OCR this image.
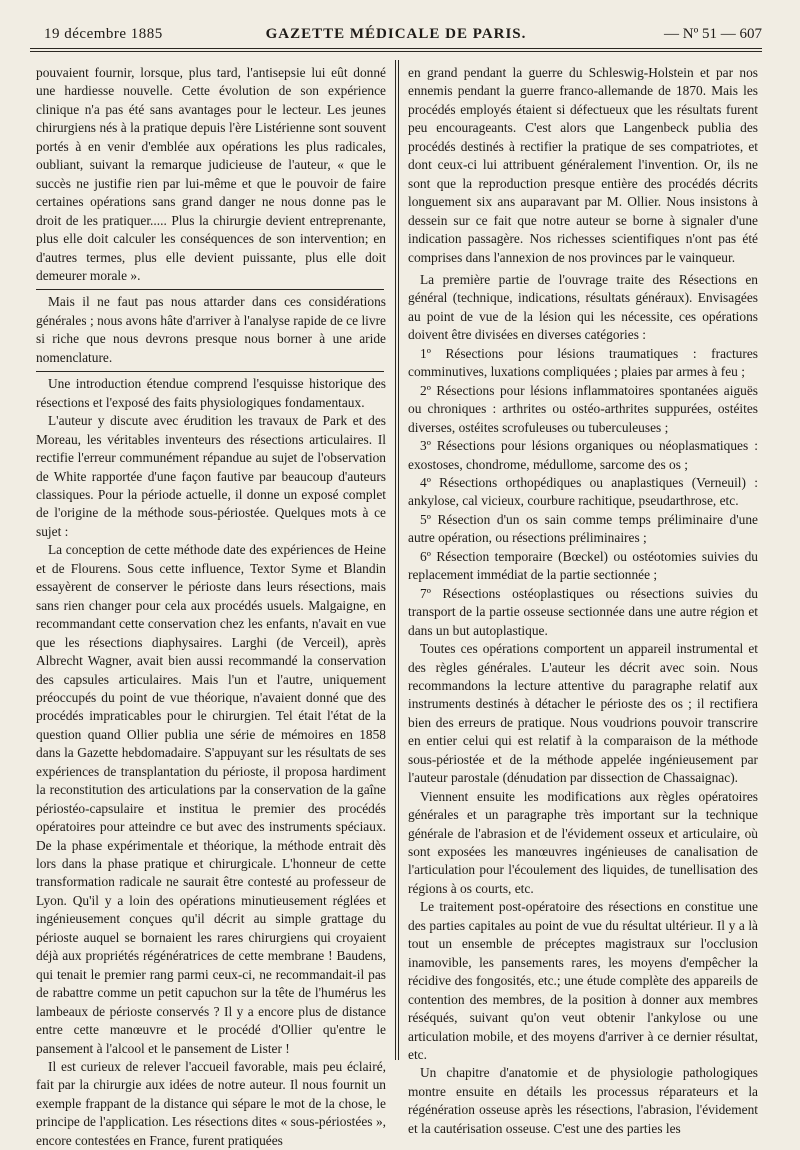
19 décembre 1885	GAZETTE MÉDICALE DE PARIS.	— Nº 51 — 607

pouvaient fournir, lorsque, plus tard, l'antisepsie lui eût donné une hardiesse nouvelle. Cette évolution de son expérience clinique n'a pas été sans avantages pour le lecteur. Les jeunes chirurgiens nés à la pratique depuis l'ère Listérienne sont souvent portés à en venir d'emblée aux opérations les plus radicales, oubliant, suivant la remarque judicieuse de l'auteur, « que le succès ne justifie rien par lui-même et que le pouvoir de faire certaines opérations sans grand danger ne nous donne pas le droit de les pratiquer..... Plus la chirurgie devient entreprenante, plus elle doit calculer les conséquences de son intervention; en d'autres termes, plus elle devient puissante, plus elle doit demeurer morale ».

Mais il ne faut pas nous attarder dans ces considérations générales ; nous avons hâte d'arriver à l'analyse rapide de ce livre si riche que nous devrons presque nous borner à une aride nomenclature.

Une introduction étendue comprend l'esquisse historique des résections et l'exposé des faits physiologiques fondamentaux.

L'auteur y discute avec érudition les travaux de Park et des Moreau, les véritables inventeurs des résections articulaires. Il rectifie l'erreur communément répandue au sujet de l'observation de White rapportée d'une façon fautive par beaucoup d'auteurs classiques. Pour la période actuelle, il donne un exposé complet de l'origine de la méthode sous-périostée. Quelques mots à ce sujet :

La conception de cette méthode date des expériences de Heine et de Flourens. Sous cette influence, Textor Syme et Blandin essayèrent de conserver le périoste dans leurs résections, mais sans rien changer pour cela aux procédés usuels. Malgaigne, en recommandant cette conservation chez les enfants, n'avait en vue que les résections diaphysaires. Larghi (de Verceil), après Albrecht Wagner, avait bien aussi recommandé la conservation des capsules articulaires. Mais l'un et l'autre, uniquement préoccupés du point de vue théorique, n'avaient donné que des procédés impraticables pour le chirurgien. Tel était l'état de la question quand Ollier publia une série de mémoires en 1858 dans la Gazette hebdomadaire. S'appuyant sur les résultats de ses expériences de transplantation du périoste, il proposa hardiment la reconstitution des articulations par la conservation de la gaîne périostéo-capsulaire et institua le premier des procédés opératoires pour atteindre ce but avec des instruments spéciaux. De la phase expérimentale et théorique, la méthode entrait dès lors dans la phase pratique et chirurgicale. L'honneur de cette transformation radicale ne saurait être contesté au professeur de Lyon. Qu'il y a loin des opérations minutieusement réglées et ingénieusement conçues qu'il décrit au simple grattage du périoste auquel se bornaient les rares chirurgiens qui croyaient déjà aux propriétés régénératrices de cette membrane ! Baudens, qui tenait le premier rang parmi ceux-ci, ne recommandait-il pas de rabattre comme un petit capuchon sur la tête de l'humérus les lambeaux de périoste conservés ? Il y a encore plus de distance entre cette manœuvre et le procédé d'Ollier qu'entre le pansement à l'alcool et le pansement de Lister !

Il est curieux de relever l'accueil favorable, mais peu éclairé, fait par la chirurgie aux idées de notre auteur. Il nous fournit un exemple frappant de la distance qui sépare le mot de la chose, le principe de l'application. Les résections dites « sous-périostées », encore contestées en France, furent pratiquées

en grand pendant la guerre du Schleswig-Holstein et par nos ennemis pendant la guerre franco-allemande de 1870. Mais les procédés employés étaient si défectueux que les résultats furent peu encourageants. C'est alors que Langenbeck publia des procédés destinés à rectifier la pratique de ses compatriotes, et dont ceux-ci lui attribuent généralement l'invention. Or, ils ne sont que la reproduction presque entière des procédés décrits longuement six ans auparavant par M. Ollier. Nous insistons à dessein sur ce fait que notre auteur se borne à signaler d'une indication passagère. Nos richesses scientifiques n'ont pas été comprises dans l'annexion de nos provinces par le vainqueur.

La première partie de l'ouvrage traite des Résections en général (technique, indications, résultats généraux). Envisagées au point de vue de la lésion qui les nécessite, ces opérations doivent être divisées en diverses catégories :

1º Résections pour lésions traumatiques : fractures comminutives, luxations compliquées ; plaies par armes à feu ;

2º Résections pour lésions inflammatoires spontanées aiguës ou chroniques : arthrites ou ostéo-arthrites suppurées, ostéites diverses, ostéites scrofuleuses ou tuberculeuses ;

3º Résections pour lésions organiques ou néoplasmatiques : exostoses, chondrome, médullome, sarcome des os ;

4º Résections orthopédiques ou anaplastiques (Verneuil) : ankylose, cal vicieux, courbure rachitique, pseudarthrose, etc.

5º Résection d'un os sain comme temps préliminaire d'une autre opération, ou résections préliminaires ;

6º Résection temporaire (Bœckel) ou ostéotomies suivies du replacement immédiat de la partie sectionnée ;

7º Résections ostéoplastiques ou résections suivies du transport de la partie osseuse sectionnée dans une autre région et dans un but autoplastique.

Toutes ces opérations comportent un appareil instrumental et des règles générales. L'auteur les décrit avec soin. Nous recommandons la lecture attentive du paragraphe relatif aux instruments destinés à détacher le périoste des os ; il rectifiera bien des erreurs de pratique. Nous voudrions pouvoir transcrire en entier celui qui est relatif à la comparaison de la méthode sous-périostée et de la méthode appelée ingénieusement par l'auteur parostale (dénudation par dissection de Chassaignac).

Viennent ensuite les modifications aux règles opératoires générales et un paragraphe très important sur la technique générale de l'abrasion et de l'évidement osseux et articulaire, où sont exposées les manœuvres ingénieuses de canalisation de l'articulation pour l'écoulement des liquides, de tunellisation des régions à os courts, etc.

Le traitement post-opératoire des résections en constitue une des parties capitales au point de vue du résultat ultérieur. Il y a là tout un ensemble de préceptes magistraux sur l'occlusion inamovible, les pansements rares, les moyens d'empêcher la récidive des fongosités, etc.; une étude complète des appareils de contention des membres, de la position à donner aux membres réséqués, suivant qu'on veut obtenir l'ankylose ou une articulation mobile, et des moyens d'arriver à ce dernier résultat, etc.

Un chapitre d'anatomie et de physiologie pathologiques montre ensuite en détails les processus réparateurs et la régénération osseuse après les résections, l'abrasion, l'évidement et la cautérisation osseuse. C'est une des parties les
